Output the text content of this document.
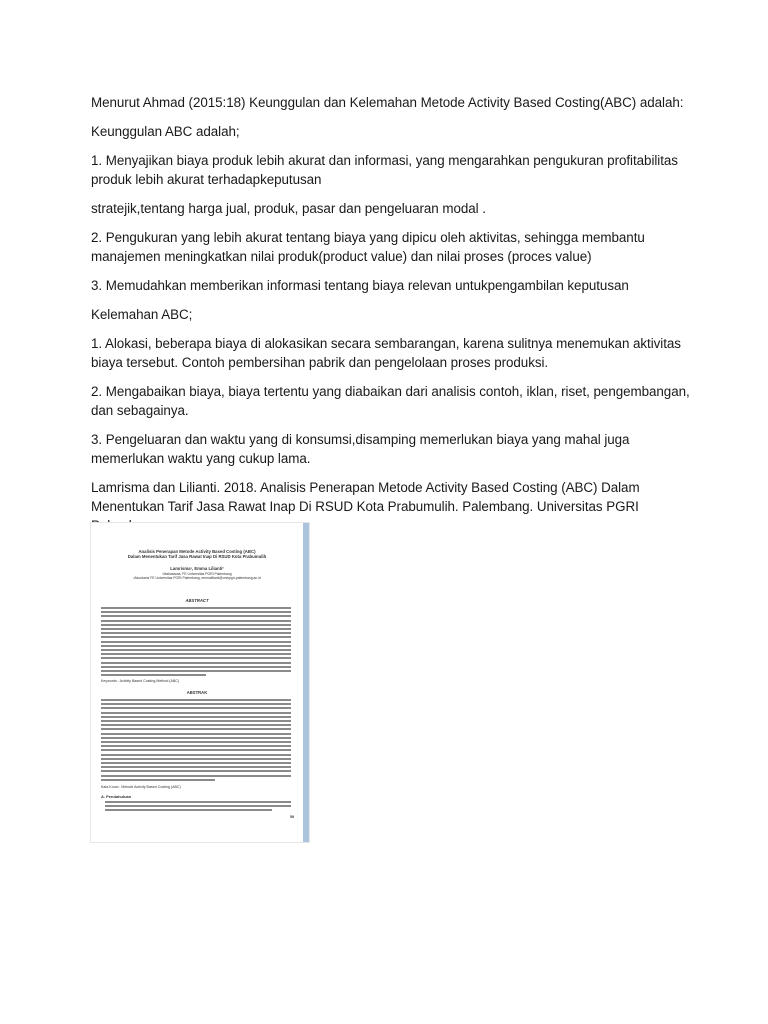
Menurut Ahmad (2015:18) Keunggulan dan Kelemahan Metode Activity Based Costing(ABC) adalah:

Keunggulan ABC adalah;

1. Menyajikan biaya produk lebih akurat dan informasi, yang mengarahkan pengukuran profitabilitas produk lebih akurat terhadapkeputusan

stratejik,tentang harga jual, produk, pasar dan pengeluaran modal .

2. Pengukuran yang lebih akurat tentang biaya yang dipicu oleh aktivitas, sehingga membantu manajemen meningkatkan nilai produk(product value) dan nilai proses (proces value)

3. Memudahkan memberikan informasi tentang biaya relevan untukpengambilan keputusan

Kelemahan ABC;

1. Alokasi, beberapa biaya di alokasikan secara sembarangan, karena sulitnya menemukan aktivitas biaya tersebut. Contoh pembersihan pabrik dan pengelolaan proses produksi.

2. Mengabaikan biaya, biaya tertentu yang diabaikan dari analisis contoh, iklan, riset, pengembangan, dan sebagainya.

3. Pengeluaran dan waktu yang di konsumsi,disamping memerlukan biaya yang mahal juga memerlukan waktu yang cukup lama.

Lamrisma dan Lilianti. 2018. Analisis Penerapan Metode Activity Based Costing (ABC) Dalam Menentukan Tarif Jasa Rawat Inap Di RSUD Kota Prabumulih. Palembang. Universitas PGRI

Analisis Penerapan Metode Activity Based Costing (ABC)
Dalam Menentukan Tarif Jasa Rawat Inap Di RSUD Kota Prabumulih
Lamrisma¹, Emma Lilianti²
¹Mahasiswa, FE Universitas PGRI Palembang
²Akuntansi FE Universitas PGRI Palembang, emmalilianti@univpgri-palembang.ac.id
ABSTRACT
Keywords : Activity Based Costing Method (ABC)
ABSTRAK
Kata Kunci : Metode Activity Based Costing (ABC)
A. Pendahuluan
59
